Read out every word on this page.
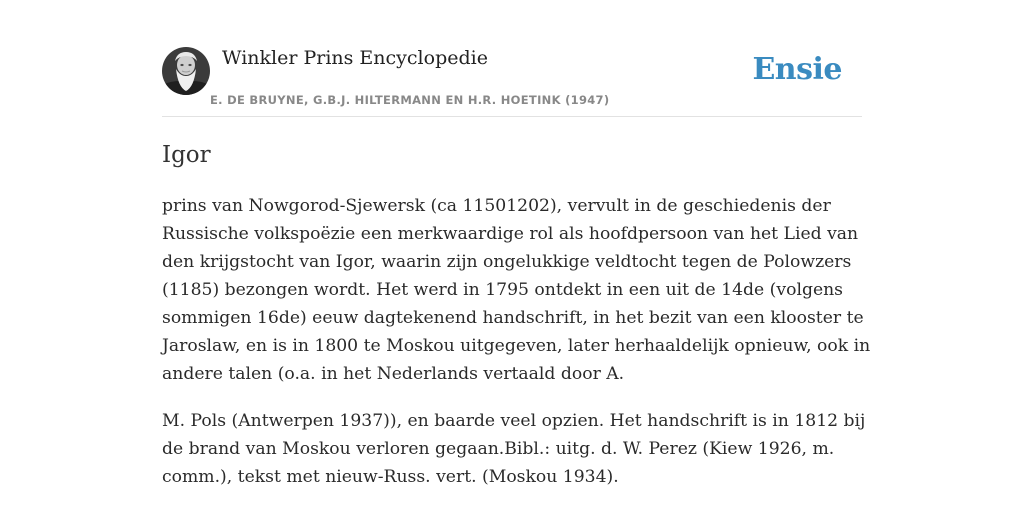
Winkler Prins Encyclopedie
E. DE BRUYNE, G.B.J. HILTERMANN EN H.R. HOETINK (1947)
Ensie
Igor

prins van Nowgorod-Sjewersk (ca 11501202), vervult in de geschiedenis der Russische volkspoëzie een merkwaardige rol als hoofdpersoon van het Lied van den krijgstocht van Igor, waarin zijn ongelukkige veldtocht tegen de Polowzers (1185) bezongen wordt. Het werd in 1795 ontdekt in een uit de 14de (volgens sommigen 16de) eeuw dagtekenend handschrift, in het bezit van een klooster te Jaroslaw, en is in 1800 te Moskou uitgegeven, later herhaaldelijk opnieuw, ook in andere talen (o.a. in het Nederlands vertaald door A.

M. Pols (Antwerpen 1937)), en baarde veel opzien. Het handschrift is in 1812 bij de brand van Moskou verloren gegaan.Bibl.: uitg. d. W. Perez (Kiew 1926, m. comm.), tekst met nieuw-Russ. vert. (Moskou 1934).
